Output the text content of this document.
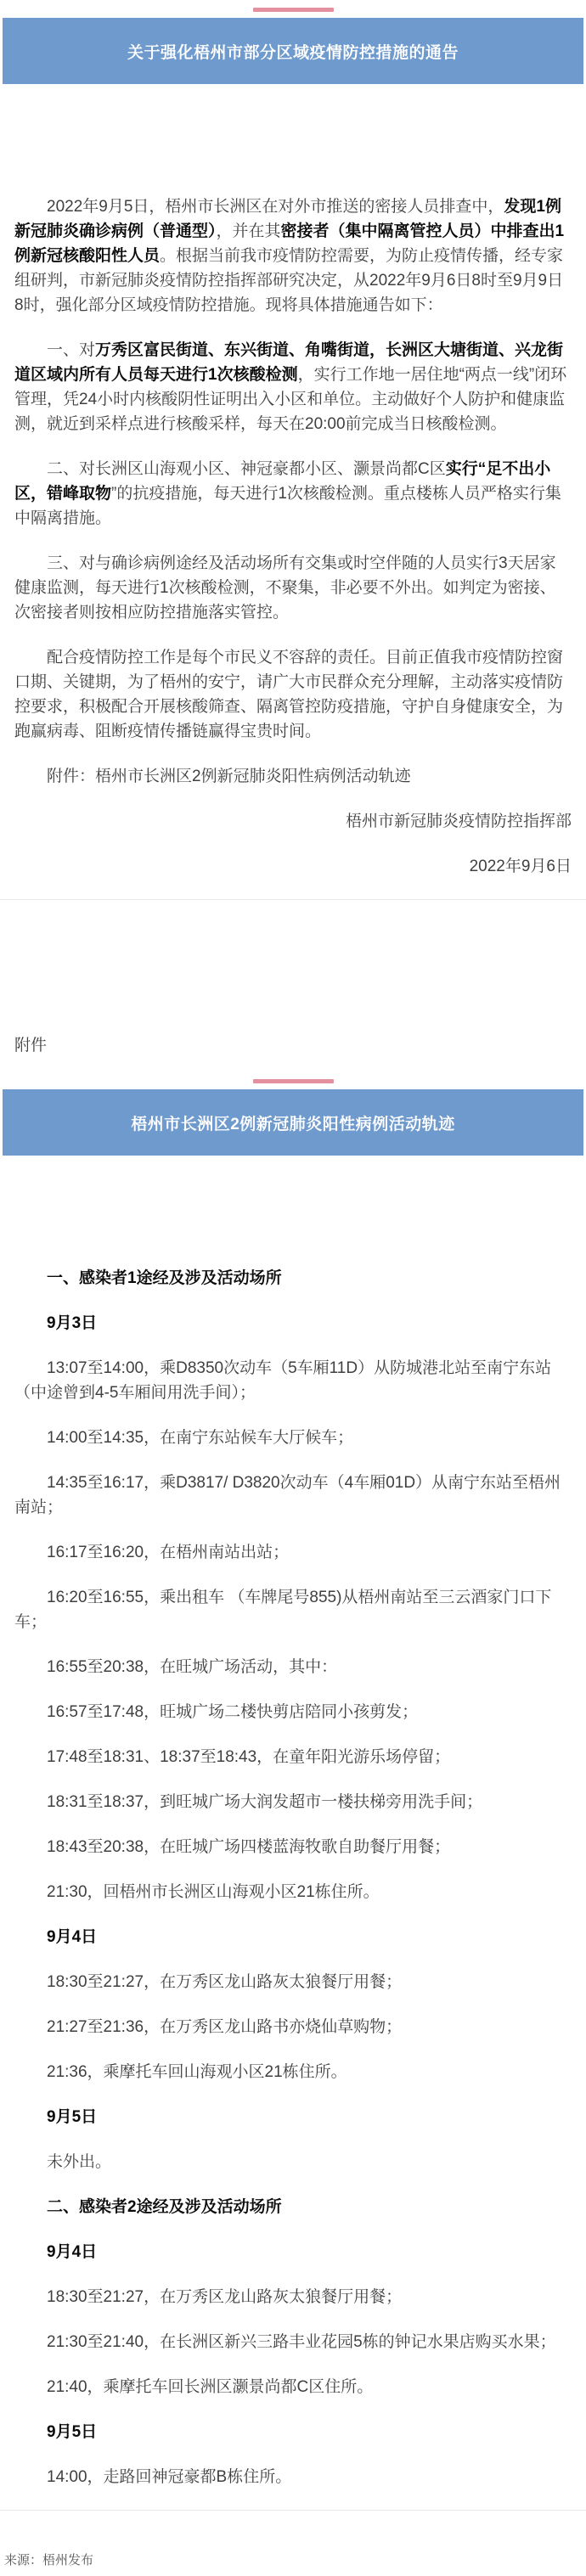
关于强化梧州市部分区域疫情防控措施的通告

2022年9月5日，梧州市长洲区在对外市推送的密接人员排查中，发现1例新冠肺炎确诊病例（普通型），并在其密接者（集中隔离管控人员）中排查出1例新冠核酸阳性人员。根据当前我市疫情防控需要，为防止疫情传播，经专家组研判，市新冠肺炎疫情防控指挥部研究决定，从2022年9月6日8时至9月9日8时，强化部分区域疫情防控措施。现将具体措施通告如下：

一、对万秀区富民街道、东兴街道、角嘴街道，长洲区大塘街道、兴龙街道区域内所有人员每天进行1次核酸检测，实行工作地一居住地“两点一线”闭环管理，凭24小时内核酸阴性证明出入小区和单位。主动做好个人防护和健康监测，就近到采样点进行核酸采样，每天在20:00前完成当日核酸检测。

二、对长洲区山海观小区、神冠豪都小区、灏景尚都C区实行“足不出小区，错峰取物”的抗疫措施，每天进行1次核酸检测。重点楼栋人员严格实行集中隔离措施。

三、对与确诊病例途经及活动场所有交集或时空伴随的人员实行3天居家健康监测，每天进行1次核酸检测，不聚集，非必要不外出。如判定为密接、次密接者则按相应防控措施落实管控。

配合疫情防控工作是每个市民义不容辞的责任。目前正值我市疫情防控窗口期、关键期，为了梧州的安宁，请广大市民群众充分理解，主动落实疫情防控要求，积极配合开展核酸筛查、隔离管控防疫措施，守护自身健康安全，为跑赢病毒、阻断疫情传播链赢得宝贵时间。

附件：梧州市长洲区2例新冠肺炎阳性病例活动轨迹

梧州市新冠肺炎疫情防控指挥部

2022年9月6日

附件
梧州市长洲区2例新冠肺炎阳性病例活动轨迹

一、感染者1途经及涉及活动场所

9月3日

13:07至14:00，乘D8350次动车（5车厢11D）从防城港北站至南宁东站（中途曾到4-5车厢间用洗手间）；

14:00至14:35，在南宁东站候车大厅候车；

14:35至16:17，乘D3817/ D3820次动车（4车厢01D）从南宁东站至梧州南站；

16:17至16:20，在梧州南站出站；

16:20至16:55，乘出租车 （车牌尾号855)从梧州南站至三云酒家门口下车；

16:55至20:38，在旺城广场活动，其中：

16:57至17:48，旺城广场二楼快剪店陪同小孩剪发；

17:48至18:31、18:37至18:43，在童年阳光游乐场停留；

18:31至18:37，到旺城广场大润发超市一楼扶梯旁用洗手间；

18:43至20:38，在旺城广场四楼蓝海牧歌自助餐厅用餐；

21:30，回梧州市长洲区山海观小区21栋住所。

9月4日

18:30至21:27，在万秀区龙山路灰太狼餐厅用餐；

21:27至21:36，在万秀区龙山路书亦烧仙草购物；

21:36，乘摩托车回山海观小区21栋住所。

9月5日

未外出。

二、感染者2途经及涉及活动场所

9月4日

18:30至21:27，在万秀区龙山路灰太狼餐厅用餐；

21:30至21:40，在长洲区新兴三路丰业花园5栋的钟记水果店购买水果；

21:40，乘摩托车回长洲区灏景尚都C区住所。

9月5日

14:00，走路回神冠豪都B栋住所。

来源：梧州发布
